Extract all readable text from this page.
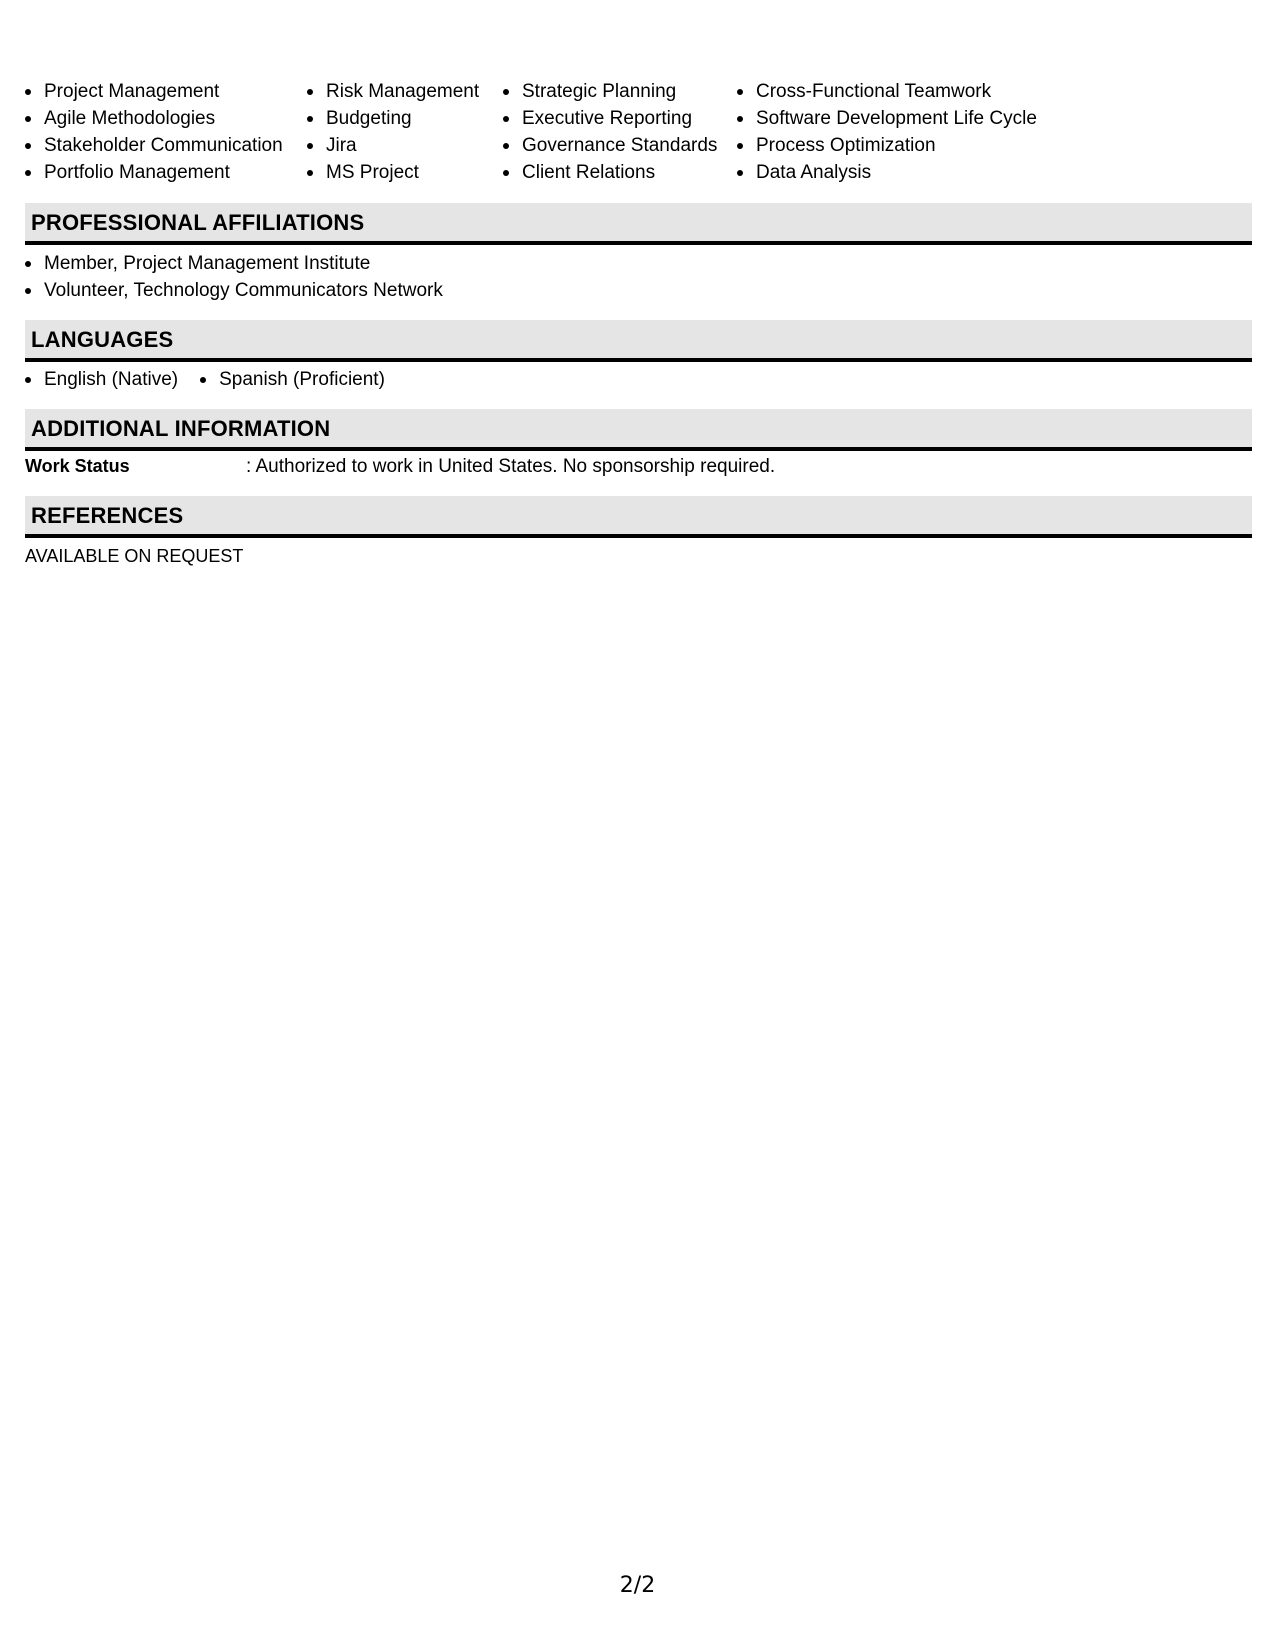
Project Management
Agile Methodologies
Stakeholder Communication
Portfolio Management
Risk Management
Budgeting
Jira
MS Project
Strategic Planning
Executive Reporting
Governance Standards
Client Relations
Cross-Functional Teamwork
Software Development Life Cycle
Process Optimization
Data Analysis
PROFESSIONAL AFFILIATIONS
Member, Project Management Institute
Volunteer, Technology Communicators Network
LANGUAGES
English (Native)	Spanish (Proficient)
ADDITIONAL INFORMATION
Work Status	: Authorized to work in United States. No sponsorship required.
REFERENCES
AVAILABLE ON REQUEST
2/2
